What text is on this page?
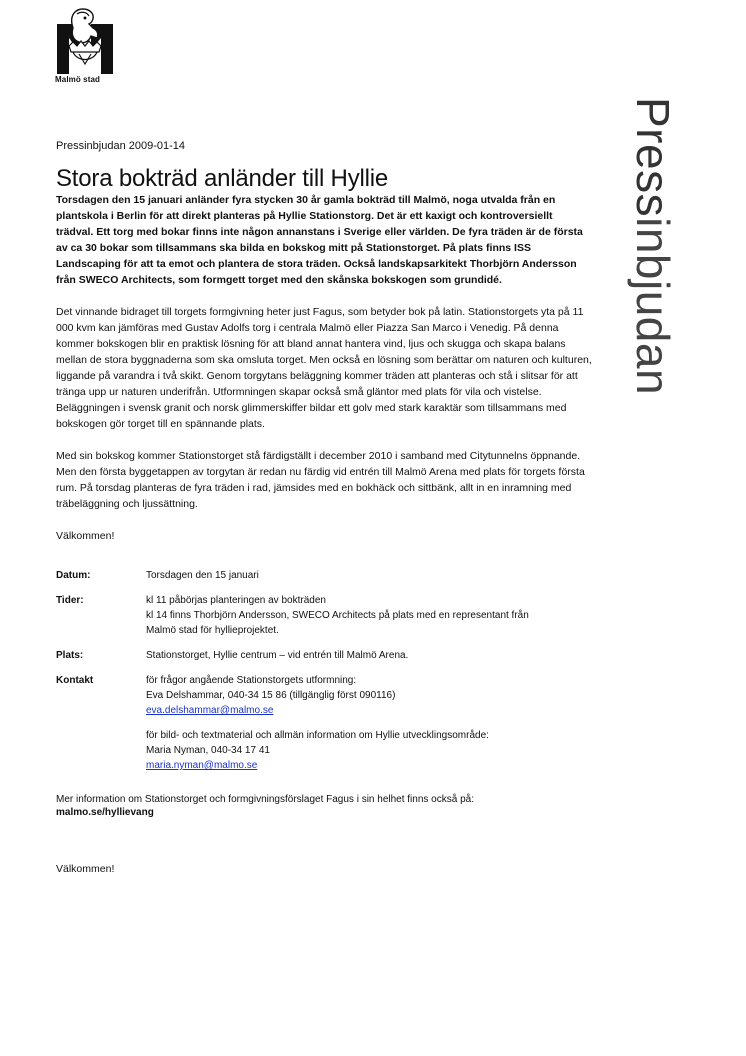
Malmö stad
Pressinbjudan
Pressinbjudan 2009-01-14
Stora bokträd anländer till Hyllie
Torsdagen den 15 januari anländer fyra stycken 30 år gamla bokträd till Malmö, noga utvalda från en plantskola i Berlin för att direkt planteras på Hyllie Stationstorg. Det är ett kaxigt och kontroversiellt trädval. Ett torg med bokar finns inte någon annanstans i Sverige eller världen. De fyra träden är de första av ca 30 bokar som tillsammans ska bilda en bokskog mitt på Stationstorget. På plats finns ISS Landscaping för att ta emot och plantera de stora träden. Också landskapsarkitekt Thorbjörn Andersson från SWECO Architects, som formgett torget med den skånska bokskogen som grundidé.

Det vinnande bidraget till torgets formgivning heter just Fagus, som betyder bok på latin. Stationstorgets yta på 11 000 kvm kan jämföras med Gustav Adolfs torg i centrala Malmö eller Piazza San Marco i Venedig. På denna kommer bokskogen blir en praktisk lösning för att bland annat hantera vind, ljus och skugga och skapa balans mellan de stora byggnaderna som ska omsluta torget. Men också en lösning som berättar om naturen och kulturen, liggande på varandra i två skikt. Genom torgytans beläggning kommer träden att planteras och stå i slitsar för att tränga upp ur naturen underifrån. Utformningen skapar också små gläntor med plats för vila och vistelse. Beläggningen i svensk granit och norsk glimmerskiffer bildar ett golv med stark karaktär som tillsammans med bokskogen gör torget till en spännande plats.

Med sin bokskog kommer Stationstorget stå färdigställt i december 2010 i samband med Citytunnelns öppnande. Men den första byggetappen av torgytan är redan nu färdig vid entrén till Malmö Arena med plats för torgets första rum. På torsdag planteras de fyra träden i rad, jämsides med en bokhäck och sittbänk, allt in en inramning med träbeläggning och ljussättning.

Välkommen!

Datum:	Torsdagen den 15 januari
Tider:	kl 11 påbörjas planteringen av bokträden
kl 14 finns Thorbjörn Andersson, SWECO Architects på plats med en representant från
Malmö stad för hyllieprojektet.
Plats:	Stationstorget, Hyllie centrum – vid entrén till Malmö Arena.
Kontakt	för frågor angående Stationstorgets utformning:
Eva Delshammar, 040-34 15 86 (tillgänglig först 090116)
eva.delshammar@malmo.se
för bild- och textmaterial och allmän information om Hyllie utvecklingsområde:
Maria Nyman, 040-34 17 41
maria.nyman@malmo.se
Mer information om Stationstorget och formgivningsförslaget Fagus i sin helhet finns också på:
malmo.se/hyllievang
Välkommen!
